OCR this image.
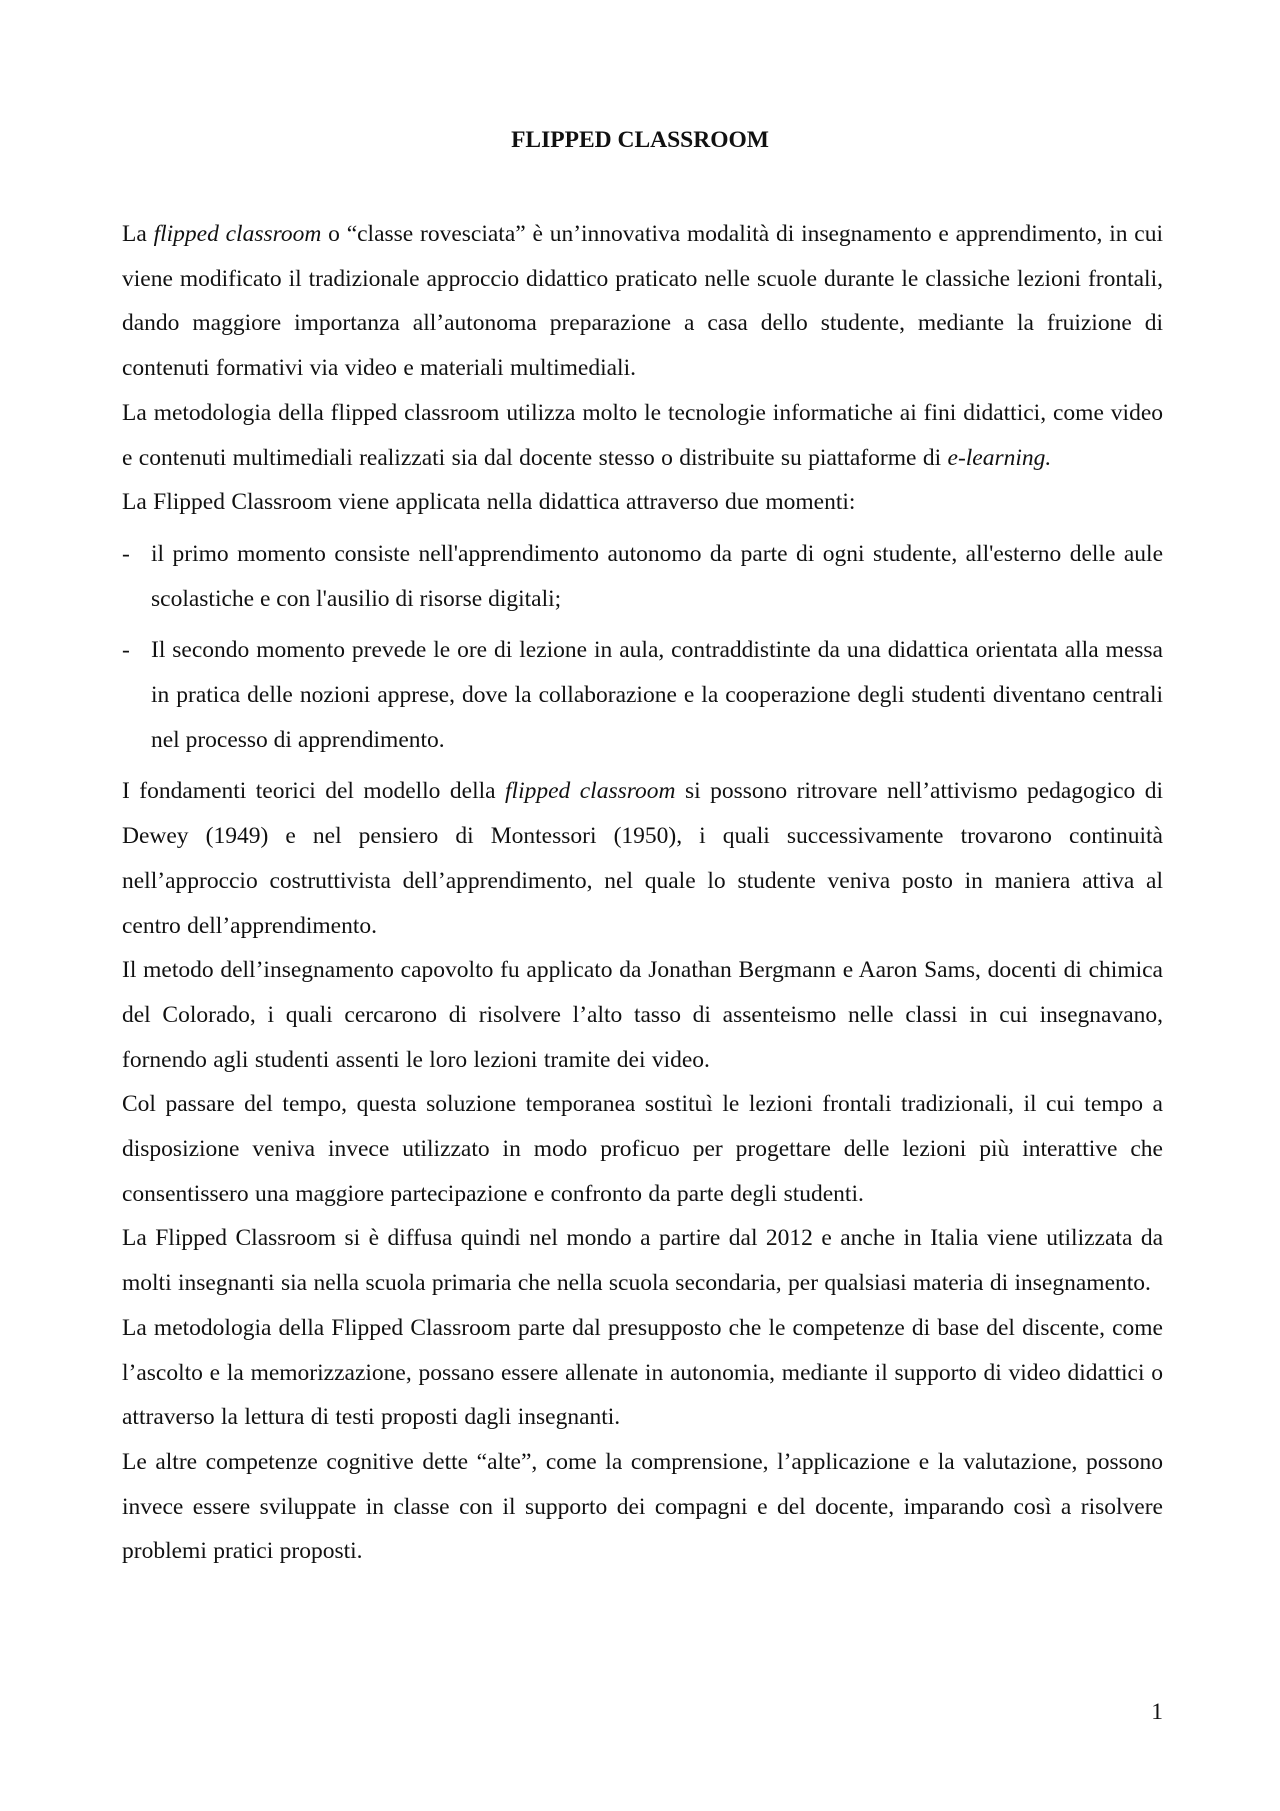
FLIPPED CLASSROOM

La flipped classroom o “classe rovesciata” è un’innovativa modalità di insegnamento e apprendimento, in cui viene modificato il tradizionale approccio didattico praticato nelle scuole durante le classiche lezioni frontali, dando maggiore importanza all’autonoma preparazione a casa dello studente, mediante la fruizione di contenuti formativi via video e materiali multimediali.

La metodologia della flipped classroom utilizza molto le tecnologie informatiche ai fini didattici, come video e contenuti multimediali realizzati sia dal docente stesso o distribuite su piattaforme di e-learning.

La Flipped Classroom viene applicata nella didattica attraverso due momenti:

- il primo momento consiste nell'apprendimento autonomo da parte di ogni studente, all'esterno delle aule scolastiche e con l'ausilio di risorse digitali;
- Il secondo momento prevede le ore di lezione in aula, contraddistinte da una didattica orientata alla messa in pratica delle nozioni apprese, dove la collaborazione e la cooperazione degli studenti diventano centrali nel processo di apprendimento.

I fondamenti teorici del modello della flipped classroom si possono ritrovare nell’attivismo pedagogico di Dewey (1949) e nel pensiero di Montessori (1950), i quali successivamente trovarono continuità nell’approccio costruttivista dell’apprendimento, nel quale lo studente veniva posto in maniera attiva al centro dell’apprendimento.

Il metodo dell’insegnamento capovolto fu applicato da Jonathan Bergmann e Aaron Sams, docenti di chimica del Colorado, i quali cercarono di risolvere l’alto tasso di assenteismo nelle classi in cui insegnavano, fornendo agli studenti assenti le loro lezioni tramite dei video.

Col passare del tempo, questa soluzione temporanea sostituì le lezioni frontali tradizionali, il cui tempo a disposizione veniva invece utilizzato in modo proficuo per progettare delle lezioni più interattive che consentissero una maggiore partecipazione e confronto da parte degli studenti.

La Flipped Classroom si è diffusa quindi nel mondo a partire dal 2012 e anche in Italia viene utilizzata da molti insegnanti sia nella scuola primaria che nella scuola secondaria, per qualsiasi materia di insegnamento.

La metodologia della Flipped Classroom parte dal presupposto che le competenze di base del discente, come l’ascolto e la memorizzazione, possano essere allenate in autonomia, mediante il supporto di video didattici o attraverso la lettura di testi proposti dagli insegnanti.

Le altre competenze cognitive dette “alte”, come la comprensione, l’applicazione e la valutazione, possono invece essere sviluppate in classe con il supporto dei compagni e del docente, imparando così a risolvere problemi pratici proposti.

1
